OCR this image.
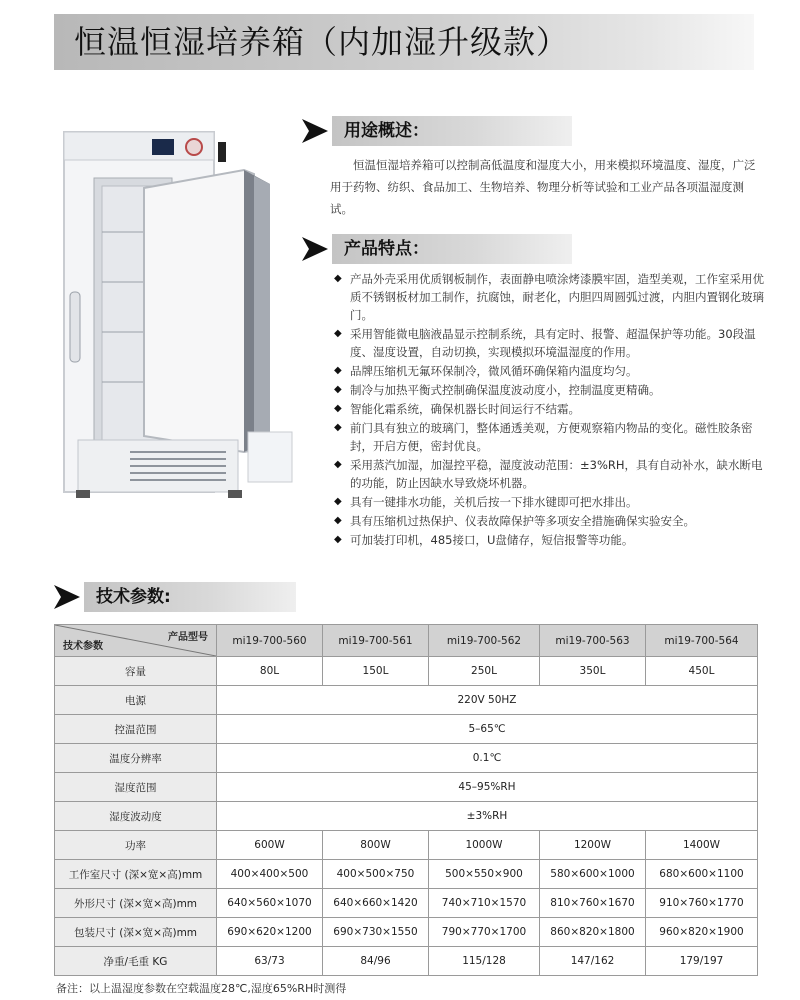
恒温恒湿培养箱（内加湿升级款）
用途概述：

恒温恒湿培养箱可以控制高低温度和湿度大小，用来模拟环境温度、湿度，广泛用于药物、纺织、食品加工、生物培养、物理分析等试验和工业产品各项温湿度测试。

产品特点：
◆ 产品外壳采用优质钢板制作，表面静电喷涂烤漆膜牢固，造型美观，工作室采用优质不锈钢板材加工制作，抗腐蚀，耐老化，内胆四周圆弧过渡，内胆内置钢化玻璃门。
◆ 采用智能微电脑液晶显示控制系统，具有定时、报警、超温保护等功能。30段温度、湿度设置，自动切换，实现模拟环境温湿度的作用。
◆ 品牌压缩机无氟环保制冷，微风循环确保箱内温度均匀。
◆ 制冷与加热平衡式控制确保温度波动度小，控制温度更精确。
◆ 智能化霜系统，确保机器长时间运行不结霜。
◆ 前门具有独立的玻璃门，整体通透美观，方便观察箱内物品的变化。磁性胶条密封，开启方便，密封优良。
◆ 采用蒸汽加湿，加湿控平稳，湿度波动范围：±3%RH，具有自动补水，缺水断电的功能，防止因缺水导致烧坏机器。
◆ 具有一键排水功能，关机后按一下排水键即可把水排出。
◆ 具有压缩机过热保护、仪表故障保护等多项安全措施确保实验安全。
◆ 可加装打印机，485接口，U盘储存，短信报警等功能。
技术参数:
产品型号
技术参数	mi19-700-560	mi19-700-561	mi19-700-562	mi19-700-563	mi19-700-564
容量	80L	150L	250L	350L	450L
电源	220V 50HZ				
控温范围	5–65℃				
温度分辨率	0.1℃				
湿度范围	45–95%RH				
湿度波动度	±3%RH				
功率	600W	800W	1000W	1200W	1400W
工作室尺寸 (深×宽×高)mm	400×400×500	400×500×750	500×550×900	580×600×1000	680×600×1100
外形尺寸 (深×宽×高)mm	640×560×1070	640×660×1420	740×710×1570	810×760×1670	910×760×1770
包装尺寸 (深×宽×高)mm	690×620×1200	690×730×1550	790×770×1700	860×820×1800	960×820×1900
净重/毛重 KG	63/73	84/96	115/128	147/162	179/197
备注：以上温湿度参数在空载温度28℃,湿度65%RH时测得
